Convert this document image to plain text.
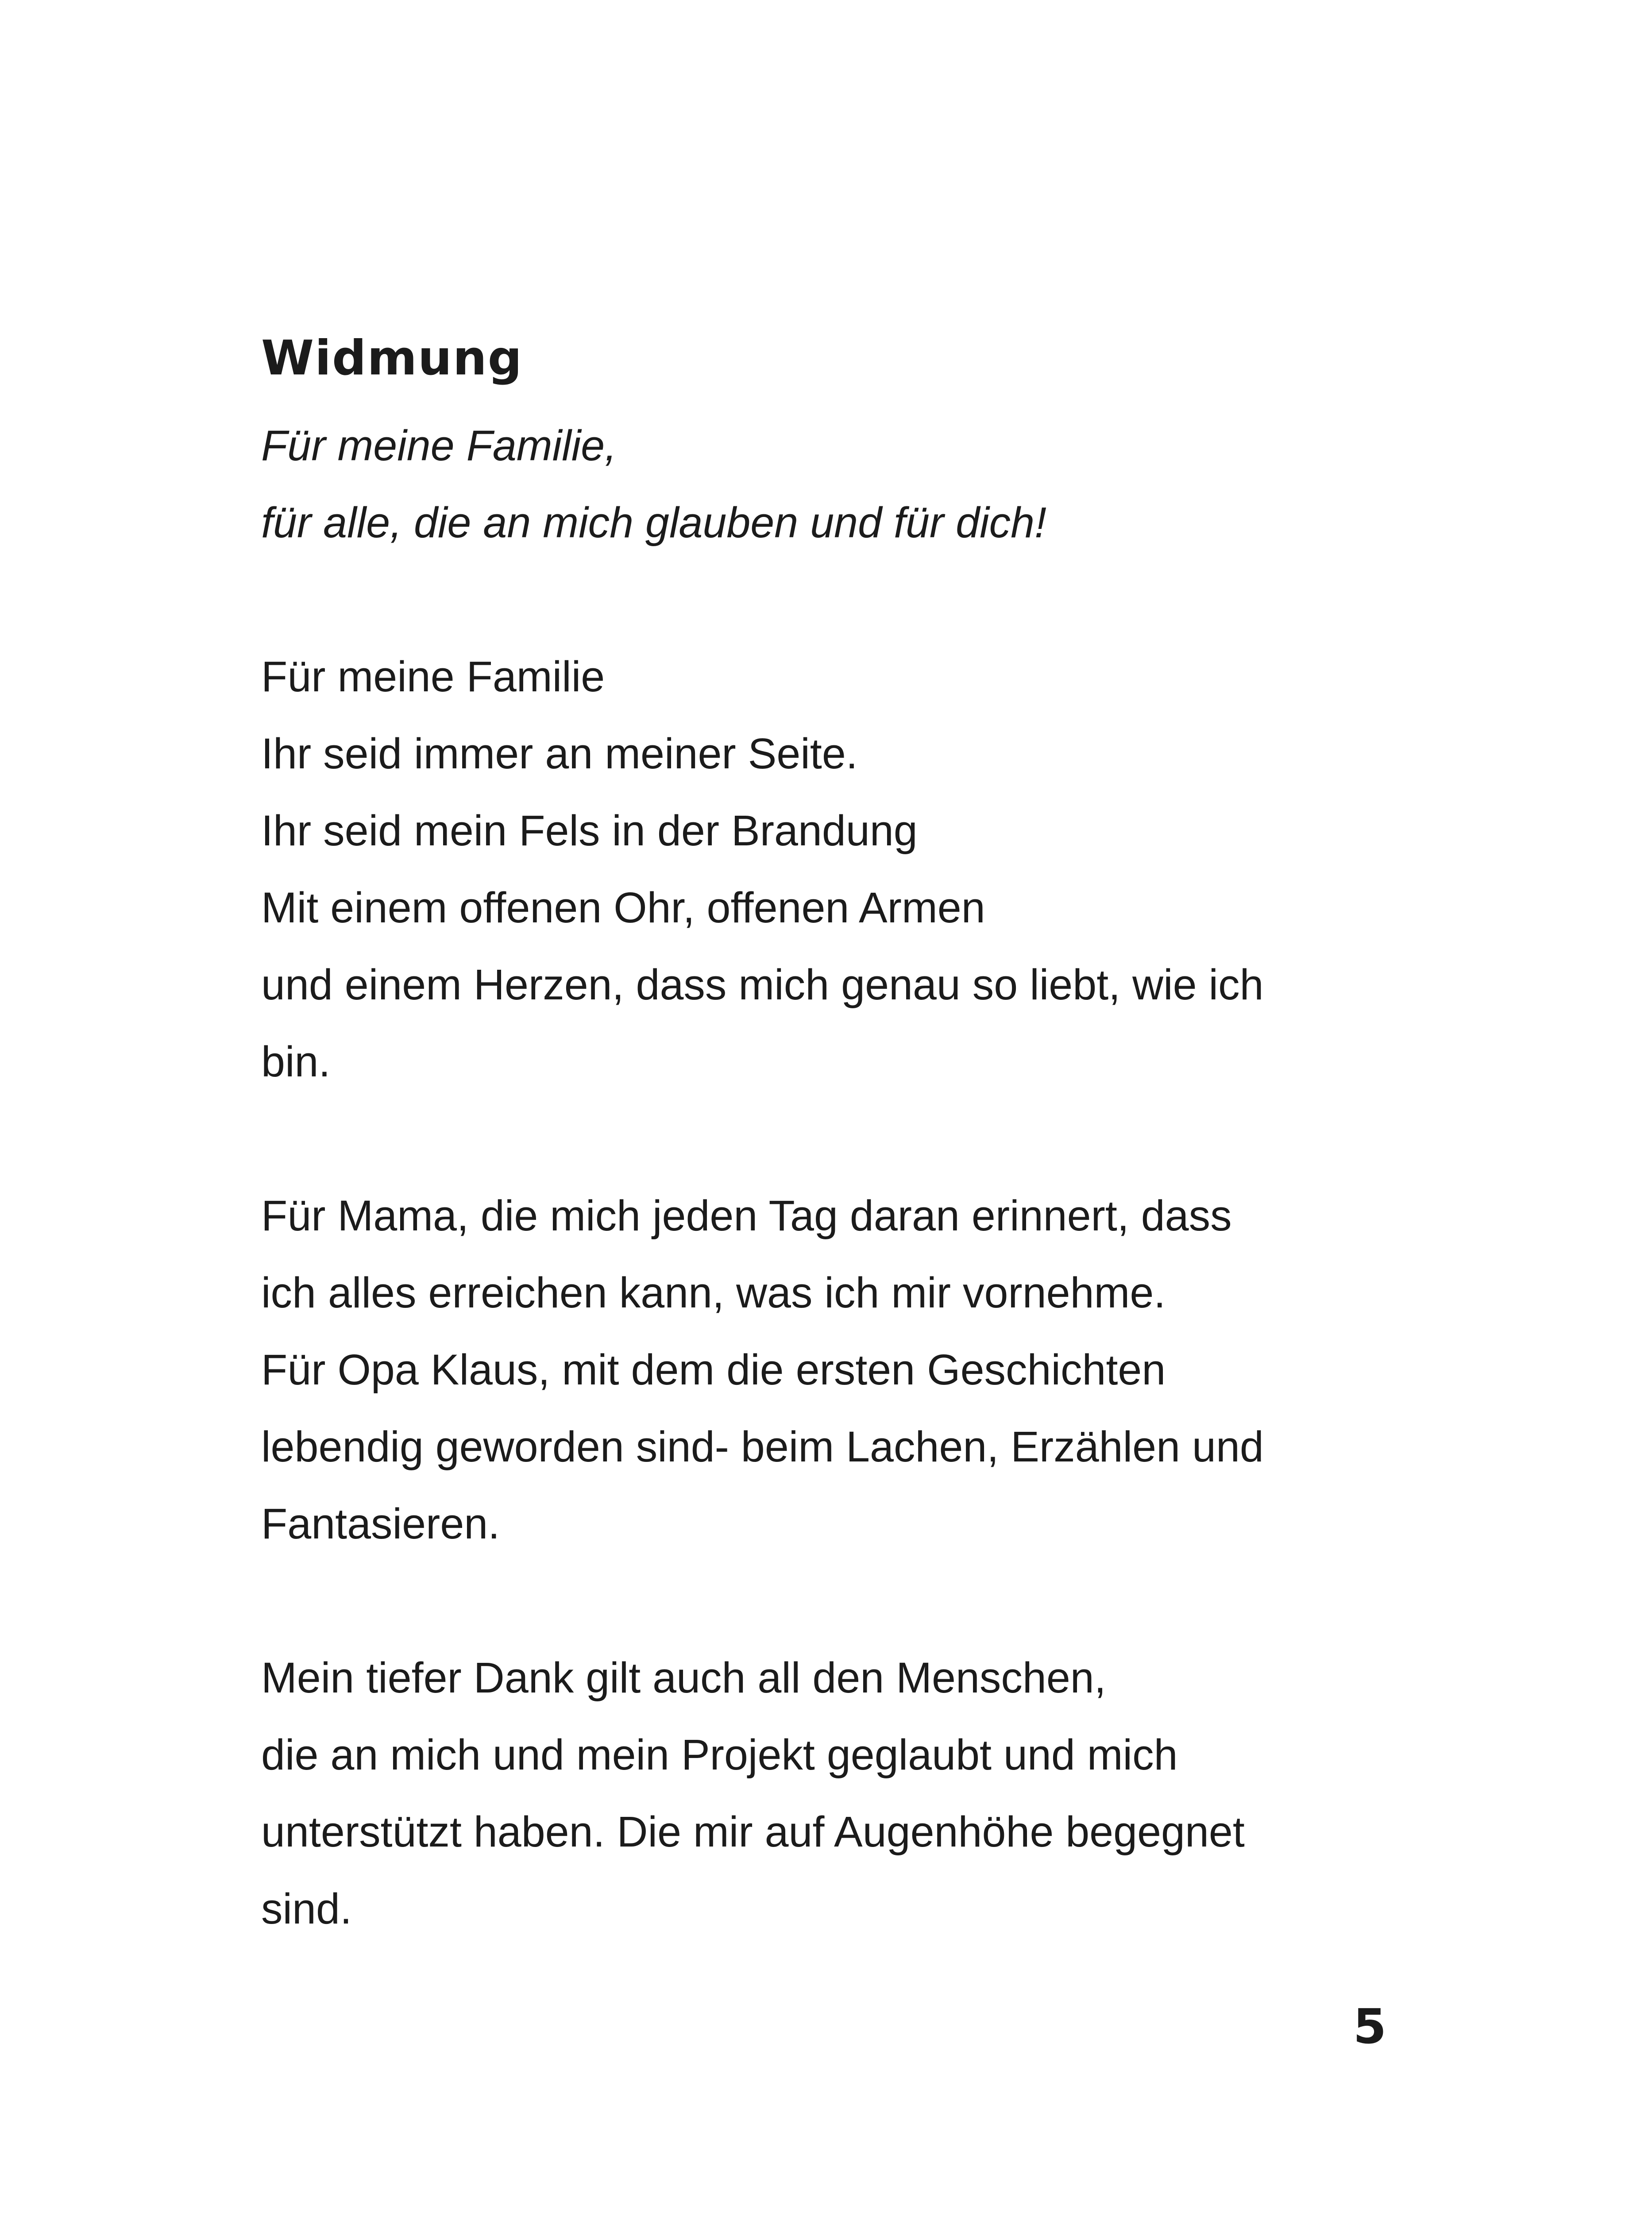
Widmung

Für meine Familie,
für alle, die an mich glauben und für dich!

Für meine Familie
Ihr seid immer an meiner Seite.
Ihr seid mein Fels in der Brandung
Mit einem offenen Ohr, offenen Armen
und einem Herzen, dass mich genau so liebt, wie ich
bin.

Für Mama, die mich jeden Tag daran erinnert, dass
ich alles erreichen kann, was ich mir vornehme.
Für Opa Klaus, mit dem die ersten Geschichten
lebendig geworden sind- beim Lachen, Erzählen und
Fantasieren.

Mein tiefer Dank gilt auch all den Menschen,
die an mich und mein Projekt geglaubt und mich
unterstützt haben. Die mir auf Augenhöhe begegnet
sind.

5
